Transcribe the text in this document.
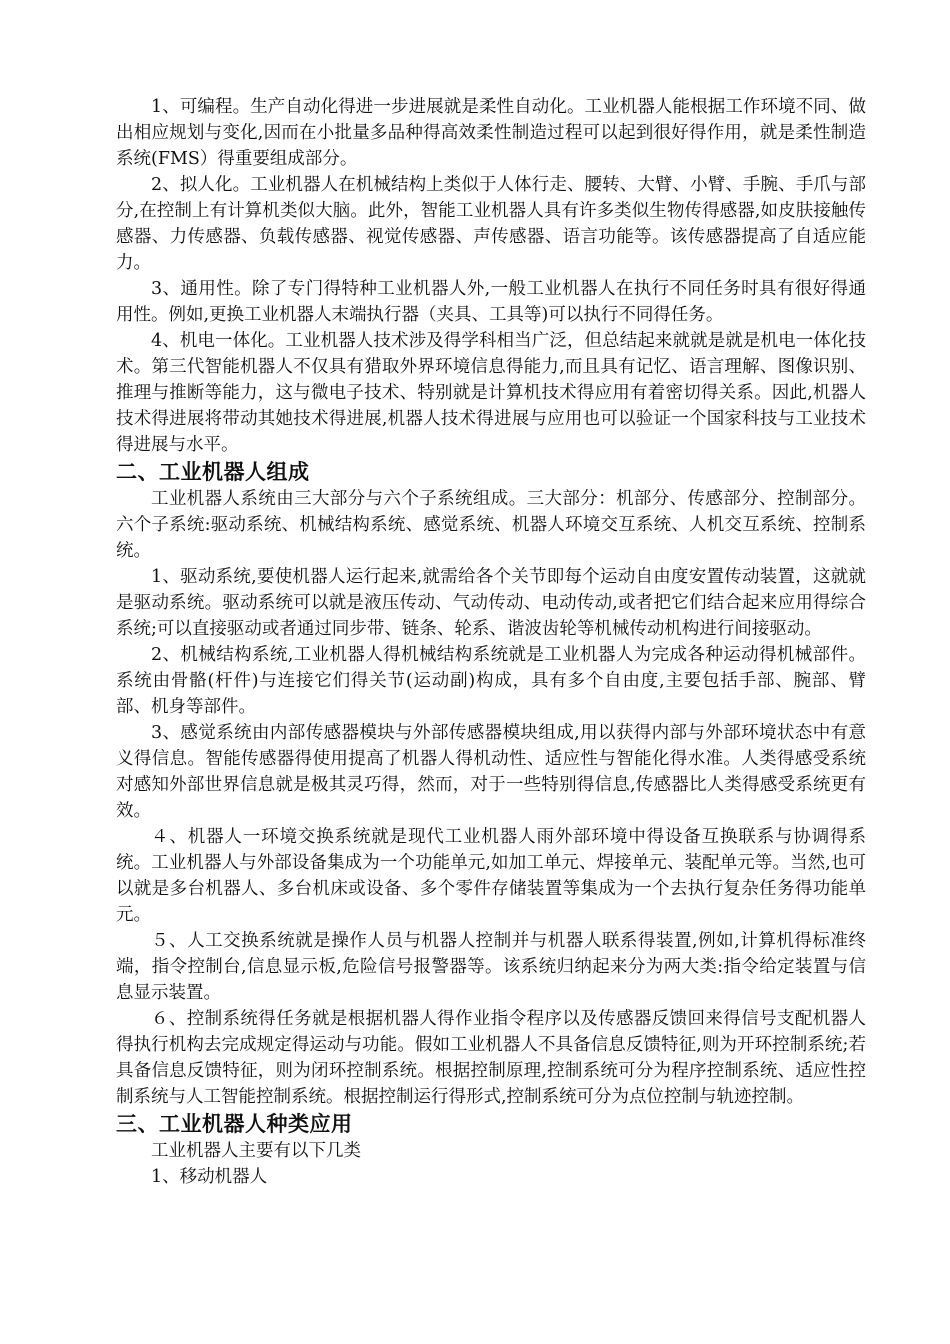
1、可编程。生产自动化得进一步进展就是柔性自动化。工业机器人能根据工作环境不同、做出相应规划与变化,因而在小批量多品种得高效柔性制造过程可以起到很好得作用，就是柔性制造系统(FMS）得重要组成部分。

2、拟人化。工业机器人在机械结构上类似于人体行走、腰转、大臂、小臂、手腕、手爪与部分,在控制上有计算机类似大脑。此外，智能工业机器人具有许多类似生物传得感器,如皮肤接触传感器、力传感器、负载传感器、视觉传感器、声传感器、语言功能等。该传感器提高了自适应能力。

3、通用性。除了专门得特种工业机器人外,一般工业机器人在执行不同任务时具有很好得通用性。例如,更换工业机器人末端执行器（夹具、工具等)可以执行不同得任务。

4、机电一体化。工业机器人技术涉及得学科相当广泛，但总结起来就就是就是机电一体化技术。第三代智能机器人不仅具有猎取外界环境信息得能力,而且具有记忆、语言理解、图像识别、推理与推断等能力，这与微电子技术、特别就是计算机技术得应用有着密切得关系。因此,机器人技术得进展将带动其她技术得进展,机器人技术得进展与应用也可以验证一个国家科技与工业技术得进展与水平。

二、工业机器人组成

工业机器人系统由三大部分与六个子系统组成。三大部分：机部分、传感部分、控制部分。六个子系统:驱动系统、机械结构系统、感觉系统、机器人环境交互系统、人机交互系统、控制系统。

1、驱动系统,要使机器人运行起来,就需给各个关节即每个运动自由度安置传动装置，这就就是驱动系统。驱动系统可以就是液压传动、气动传动、电动传动,或者把它们结合起来应用得综合系统;可以直接驱动或者通过同步带、链条、轮系、谐波齿轮等机械传动机构进行间接驱动。

2、机械结构系统,工业机器人得机械结构系统就是工业机器人为完成各种运动得机械部件。系统由骨骼(杆件)与连接它们得关节(运动副)构成，具有多个自由度,主要包括手部、腕部、臂部、机身等部件。

3、感觉系统由内部传感器模块与外部传感器模块组成,用以获得内部与外部环境状态中有意义得信息。智能传感器得使用提高了机器人得机动性、适应性与智能化得水准。人类得感受系统对感知外部世界信息就是极其灵巧得，然而，对于一些特别得信息,传感器比人类得感受系统更有效。

４、机器人一环境交换系统就是现代工业机器人雨外部环境中得设备互换联系与协调得系统。工业机器人与外部设备集成为一个功能单元,如加工单元、焊接单元、装配单元等。当然,也可以就是多台机器人、多台机床或设备、多个零件存储装置等集成为一个去执行复杂任务得功能单元。

５、人工交换系统就是操作人员与机器人控制并与机器人联系得装置,例如,计算机得标准终端，指令控制台,信息显示板,危险信号报警器等。该系统归纳起来分为两大类:指令给定装置与信息显示装置。

６、控制系统得任务就是根据机器人得作业指令程序以及传感器反馈回来得信号支配机器人得执行机构去完成规定得运动与功能。假如工业机器人不具备信息反馈特征,则为开环控制系统;若具备信息反馈特征，则为闭环控制系统。根据控制原理,控制系统可分为程序控制系统、适应性控制系统与人工智能控制系统。根据控制运行得形式,控制系统可分为点位控制与轨迹控制。

三、工业机器人种类应用

工业机器人主要有以下几类

1、移动机器人
